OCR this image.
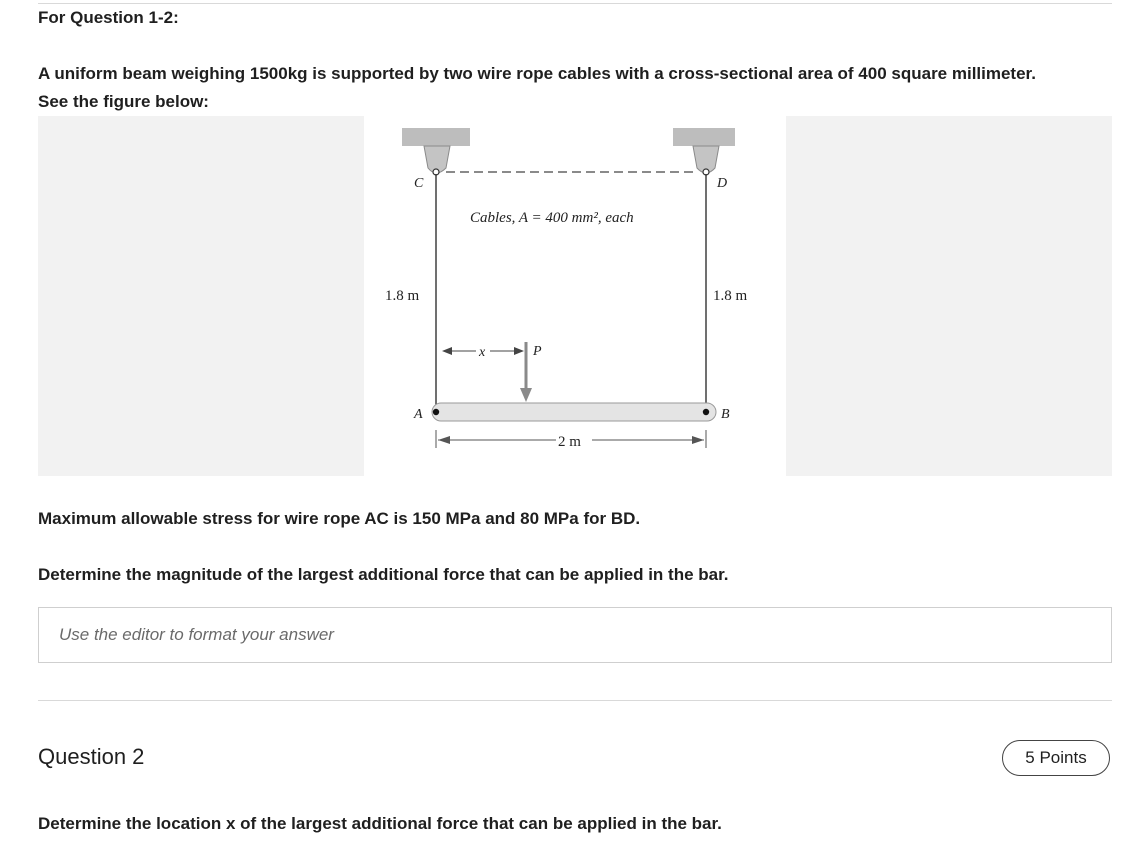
For Question 1-2:
A uniform beam weighing 1500kg is supported by two wire rope cables with a cross-sectional area of 400 square millimeter.
See the figure below:
C	D
Cables, A = 400 mm², each
1.8 m	1.8 m
x	P
A	B
2 m
Maximum allowable stress for wire rope AC is 150 MPa and 80 MPa for BD.
Determine the magnitude of the largest additional force that can be applied in the bar.
Use the editor to format your answer
Question 2	5 Points
Determine the location x of the largest additional force that can be applied in the bar.
